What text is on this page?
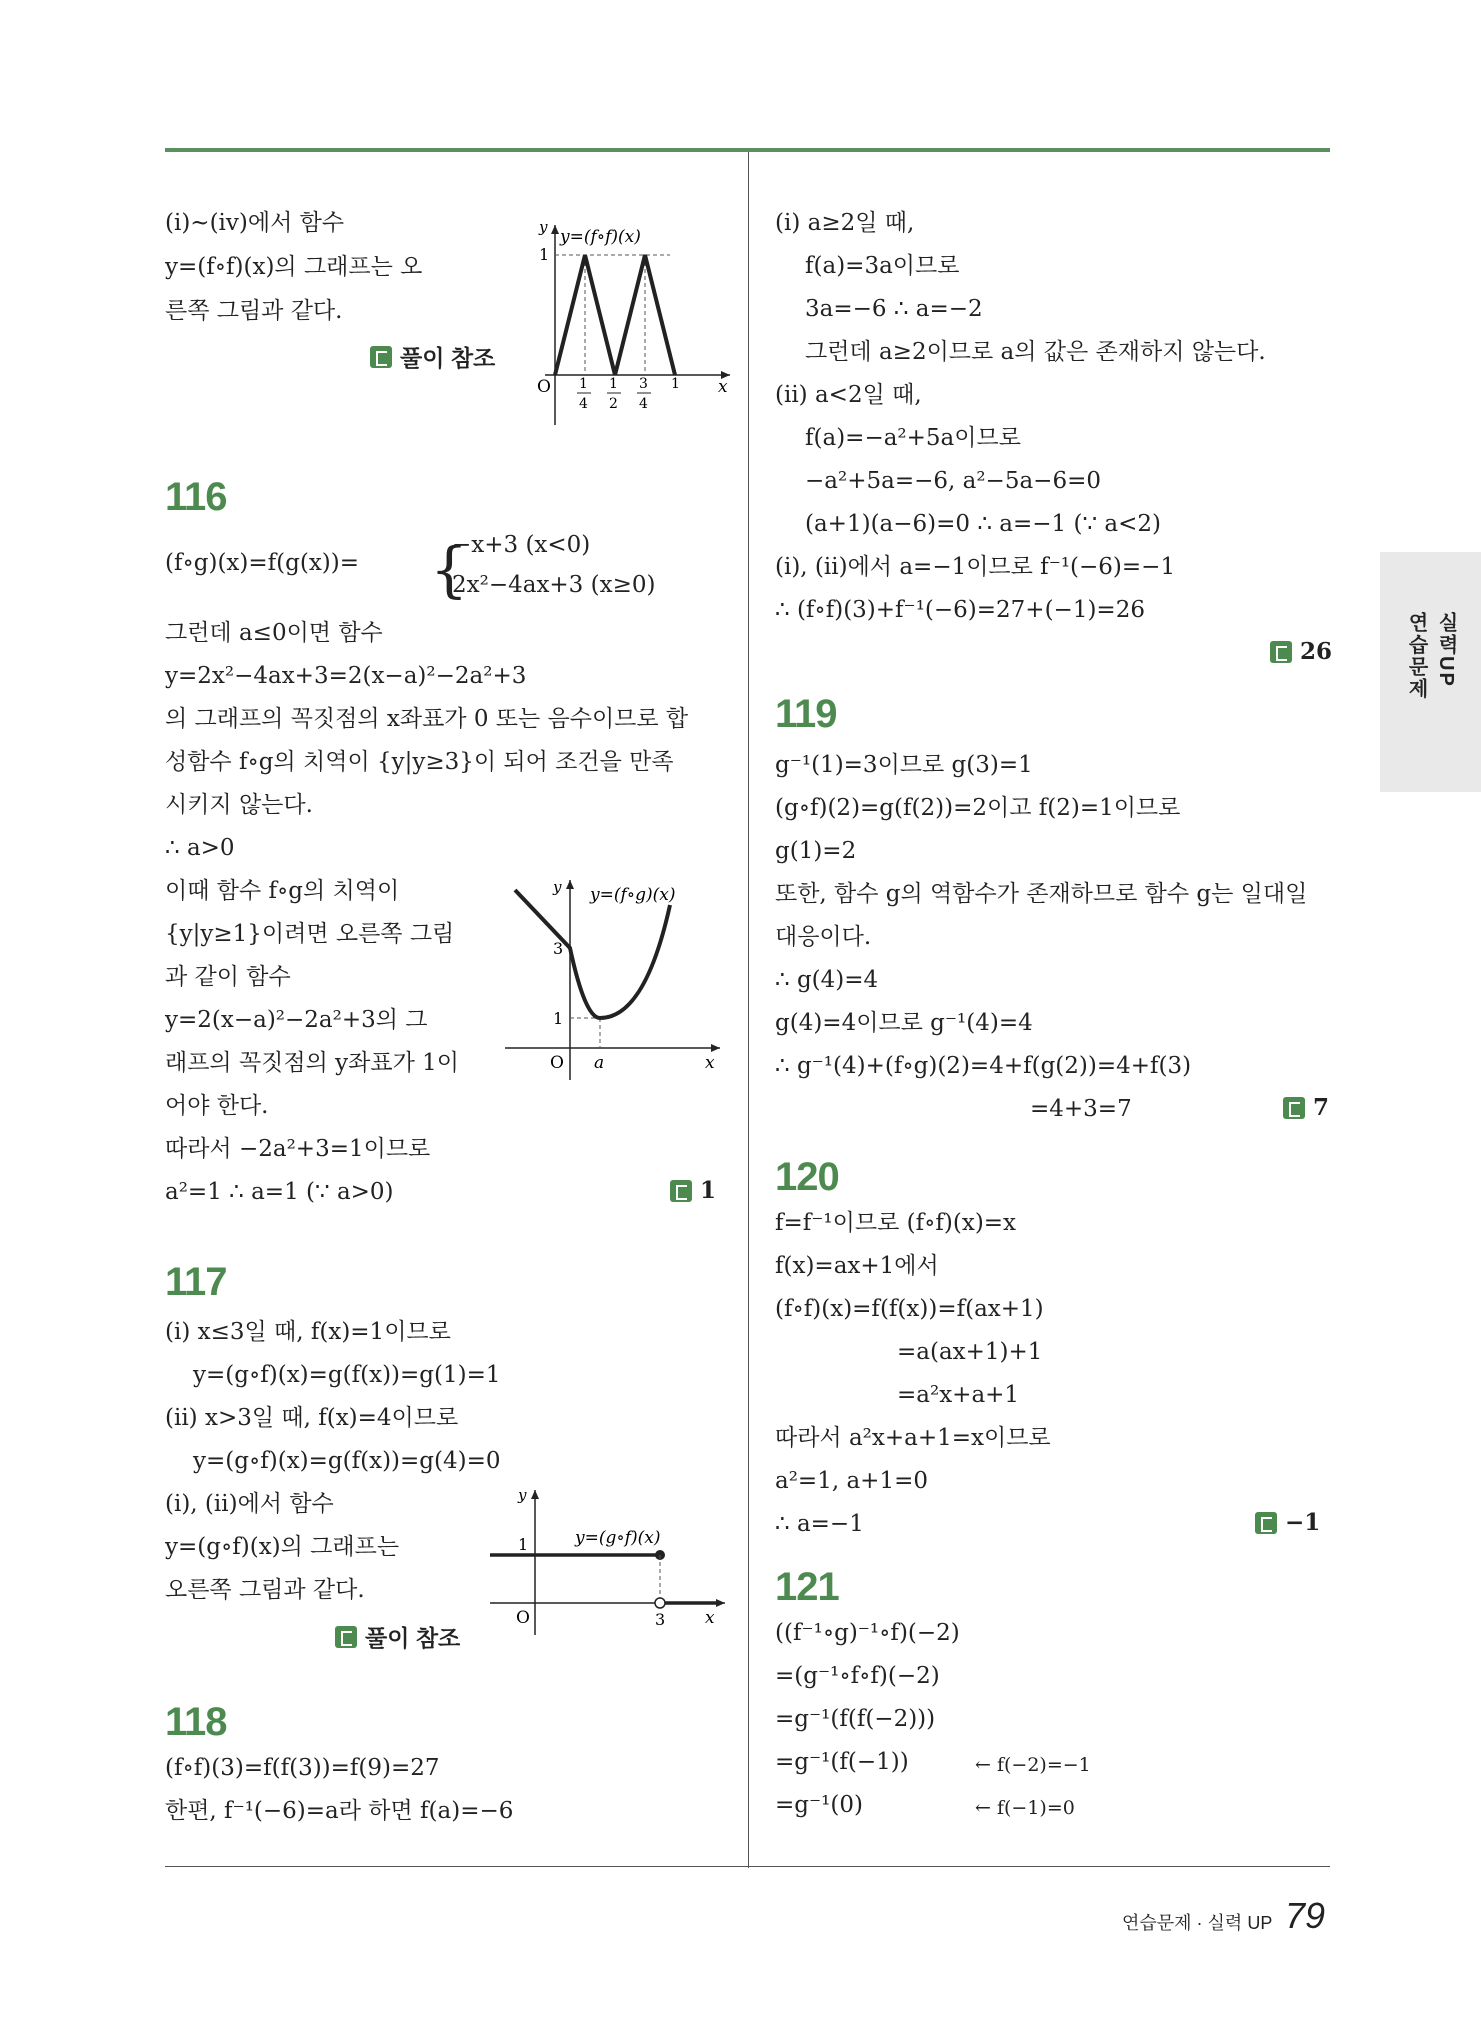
실력UP
연습문제
(ⅰ)~(ⅳ)에서 함수
y=(f∘f)(x)의 그래프는 오
른쪽 그림과 같다.
풀이 참조
y y=(f∘f)(x)
1
O	x
1
4
1
2
3
4
1
116
(f∘g)(x)=f(g(x))= {
−x+3 (x<0)
2x²−4ax+3 (x≥0)
그런데 a≤0이면 함수
y=2x²−4ax+3=2(x−a)²−2a²+3
의 그래프의 꼭짓점의 x좌표가 0 또는 음수이므로 합
성함수 f∘g의 치역이 {y|y≥3}이 되어 조건을 만족
시키지 않는다.
∴ a>0
이때 함수 f∘g의 치역이
{y|y≥1}이려면 오른쪽 그림
과 같이 함수
y=2(x−a)²−2a²+3의 그
래프의 꼭짓점의 y좌표가 1이
어야 한다.
따라서 −2a²+3=1이므로
a²=1 ∴ a=1 (∵ a>0)	1
y y=(f∘g)(x)
3
1
O a	x
117
(ⅰ) x≤3일 때, f(x)=1이므로
y=(g∘f)(x)=g(f(x))=g(1)=1
(ⅱ) x>3일 때, f(x)=4이므로
y=(g∘f)(x)=g(f(x))=g(4)=0
(ⅰ), (ⅱ)에서 함수
y=(g∘f)(x)의 그래프는
오른쪽 그림과 같다.
풀이 참조
y
1	y=(g∘f)(x)
O	3 x
118
(f∘f)(3)=f(f(3))=f(9)=27
한편, f⁻¹(−6)=a라 하면 f(a)=−6
(ⅰ) a≥2일 때,
f(a)=3a이므로
3a=−6 ∴ a=−2
그런데 a≥2이므로 a의 값은 존재하지 않는다.
(ⅱ) a<2일 때,
f(a)=−a²+5a이므로
−a²+5a=−6, a²−5a−6=0
(a+1)(a−6)=0 ∴ a=−1 (∵ a<2)
(ⅰ), (ⅱ)에서 a=−1이므로 f⁻¹(−6)=−1
∴ (f∘f)(3)+f⁻¹(−6)=27+(−1)=26
26
119
g⁻¹(1)=3이므로 g(3)=1
(g∘f)(2)=g(f(2))=2이고 f(2)=1이므로
g(1)=2
또한, 함수 g의 역함수가 존재하므로 함수 g는 일대일
대응이다.
∴ g(4)=4
g(4)=4이므로 g⁻¹(4)=4
∴ g⁻¹(4)+(f∘g)(2)=4+f(g(2))=4+f(3)
=4+3=7	7
120
f=f⁻¹이므로 (f∘f)(x)=x
f(x)=ax+1에서
(f∘f)(x)=f(f(x))=f(ax+1)
=a(ax+1)+1
=a²x+a+1
따라서 a²x+a+1=x이므로
a²=1, a+1=0
∴ a=−1	−1
121
((f⁻¹∘g)⁻¹∘f)(−2)
=(g⁻¹∘f∘f)(−2)
=g⁻¹(f(f(−2)))
=g⁻¹(f(−1))	← f(−2)=−1
=g⁻¹(0)	← f(−1)=0
연습문제 · 실력 UP 79
